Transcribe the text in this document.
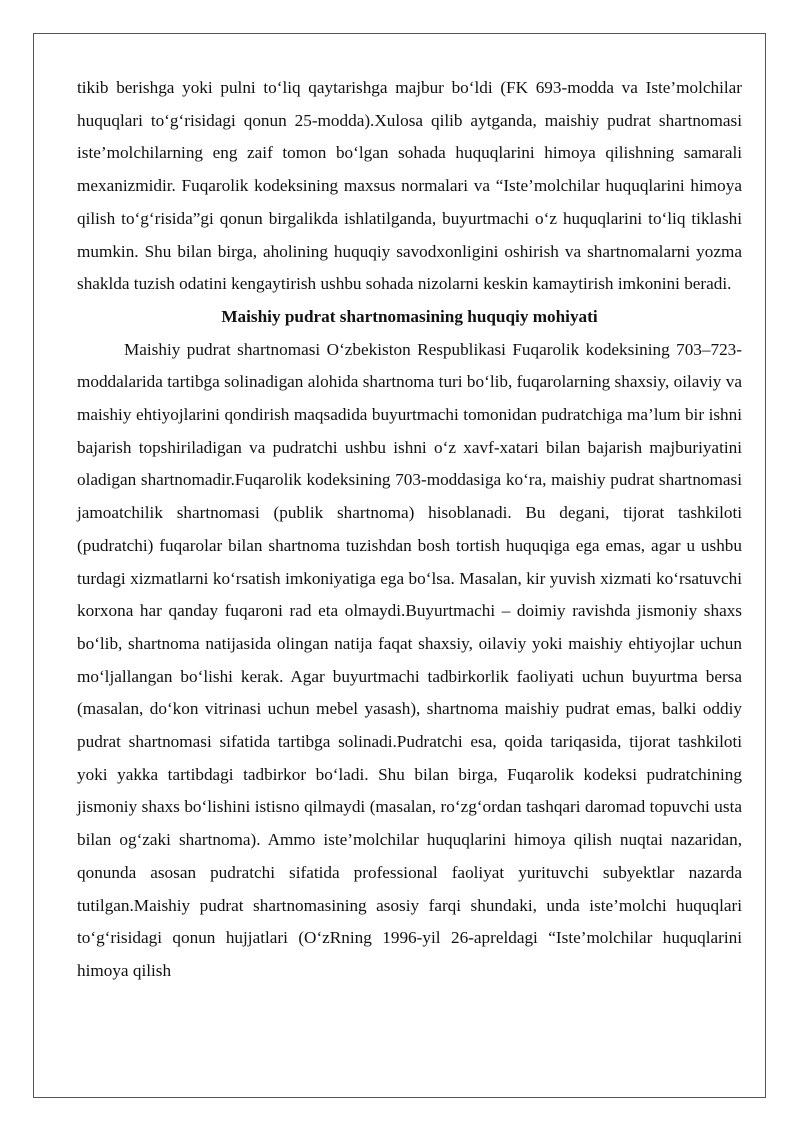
tikib berishga yoki pulni to‘liq qaytarishga majbur bo‘ldi (FK 693-modda va Iste’molchilar huquqlari to‘g‘risidagi qonun 25-modda).Xulosa qilib aytganda, maishiy pudrat shartnomasi iste’molchilarning eng zaif tomon bo‘lgan sohada huquqlarini himoya qilishning samarali mexanizmidir. Fuqarolik kodeksining maxsus normalari va “Iste’molchilar huquqlarini himoya qilish to‘g‘risida”gi qonun birgalikda ishlatilganda, buyurtmachi o‘z huquqlarini to‘liq tiklashi mumkin. Shu bilan birga, aholining huquqiy savodxonligini oshirish va shartnomalarni yozma shaklda tuzish odatini kengaytirish ushbu sohada nizolarni keskin kamaytirish imkonini beradi.

Maishiy pudrat shartnomasining huquqiy mohiyati

Maishiy pudrat shartnomasi O‘zbekiston Respublikasi Fuqarolik kodeksining 703–723-moddalarida tartibga solinadigan alohida shartnoma turi bo‘lib, fuqarolarning shaxsiy, oilaviy va maishiy ehtiyojlarini qondirish maqsadida buyurtmachi tomonidan pudratchiga ma’lum bir ishni bajarish topshiriladigan va pudratchi ushbu ishni o‘z xavf-xatari bilan bajarish majburiyatini oladigan shartnomadir.Fuqarolik kodeksining 703-moddasiga ko‘ra, maishiy pudrat shartnomasi jamoatchilik shartnomasi (publik shartnoma) hisoblanadi. Bu degani, tijorat tashkiloti (pudratchi) fuqarolar bilan shartnoma tuzishdan bosh tortish huquqiga ega emas, agar u ushbu turdagi xizmatlarni ko‘rsatish imkoniyatiga ega bo‘lsa. Masalan, kir yuvish xizmati ko‘rsatuvchi korxona har qanday fuqaroni rad eta olmaydi.Buyurtmachi – doimiy ravishda jismoniy shaxs bo‘lib, shartnoma natijasida olingan natija faqat shaxsiy, oilaviy yoki maishiy ehtiyojlar uchun mo‘ljallangan bo‘lishi kerak. Agar buyurtmachi tadbirkorlik faoliyati uchun buyurtma bersa (masalan, do‘kon vitrinasi uchun mebel yasash), shartnoma maishiy pudrat emas, balki oddiy pudrat shartnomasi sifatida tartibga solinadi.Pudratchi esa, qoida tariqasida, tijorat tashkiloti yoki yakka tartibdagi tadbirkor bo‘ladi. Shu bilan birga, Fuqarolik kodeksi pudratchining jismoniy shaxs bo‘lishini istisno qilmaydi (masalan, ro‘zg‘ordan tashqari daromad topuvchi usta bilan og‘zaki shartnoma). Ammo iste’molchilar huquqlarini himoya qilish nuqtai nazaridan, qonunda asosan pudratchi sifatida professional faoliyat yurituvchi subyektlar nazarda tutilgan.Maishiy pudrat shartnomasining asosiy farqi shundaki, unda iste’molchi huquqlari to‘g‘risidagi qonun hujjatlari (O‘zRning 1996-yil 26-apreldagi “Iste’molchilar huquqlarini himoya qilish
